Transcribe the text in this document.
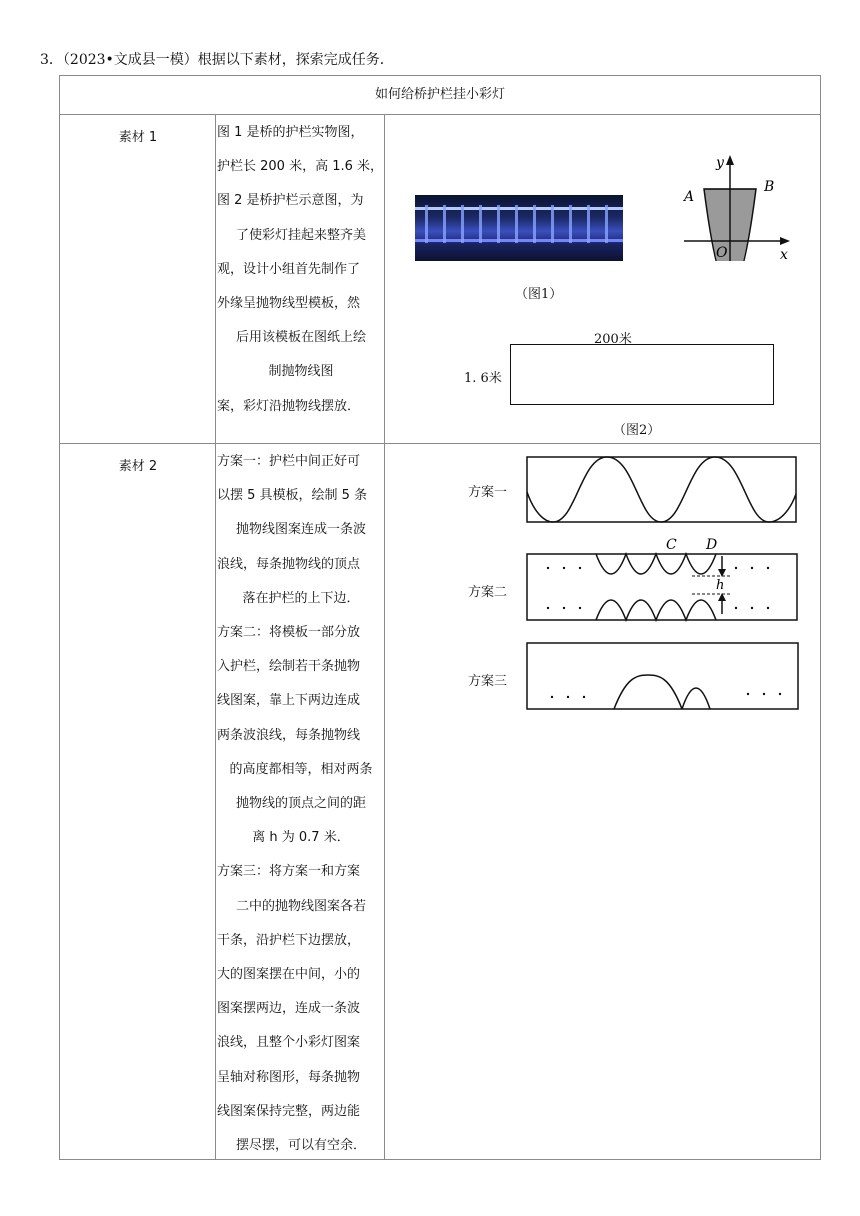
3．（2023•文成县一模）根据以下素材，探索完成任务．
如何给桥护栏挂小彩灯
素材 1	图 1 是桥的护栏实物图，

护栏长 200 米，高 1.6 米，

图 2 是桥护栏示意图，为

了使彩灯挂起来整齐美

观，设计小组首先制作了

外缘呈抛物线型模板，然

后用该模板在图纸上绘

制抛物线图

案，彩灯沿抛物线摆放．

素材 2	方案一：护栏中间正好可

以摆 5 具模板，绘制 5 条

抛物线图案连成一条波

浪线，每条抛物线的顶点

落在护栏的上下边．

方案二：将模板一部分放

入护栏，绘制若干条抛物

线图案，靠上下两边连成

两条波浪线，每条抛物线

的高度都相等，相对两条

抛物线的顶点之间的距

离 h 为 0.7 米．

方案三：将方案一和方案

二中的抛物线图案各若

干条，沿护栏下边摆放，

大的图案摆在中间，小的

图案摆两边，连成一条波

浪线，且整个小彩灯图案

呈轴对称图形，每条抛物

线图案保持完整，两边能

摆尽摆，可以有空余．

y
x
A
B
O
（图1）
200米
1. 6米
（图2）
方案一
方案二
C D
h
方案三
